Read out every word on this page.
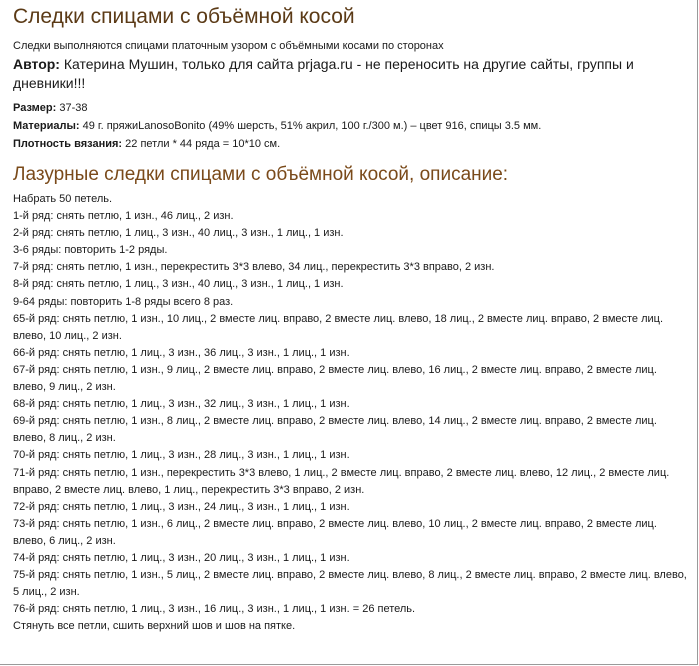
Следки спицами с объёмной косой
Следки выполняются спицами платочным узором с объёмными косами по сторонах
Автор: Катерина Мушин, только для сайта prjaga.ru - не переносить на другие сайты, группы и дневники!!!
Размер: 37-38
Материалы: 49 г. пряжиLanosoBonito (49% шерсть, 51% акрил, 100 г./300 м.) – цвет 916, спицы 3.5 мм.
Плотность вязания: 22 петли * 44 ряда = 10*10 см.
Лазурные следки спицами с объёмной косой, описание:
Набрать 50 петель.
1-й ряд: снять петлю, 1 изн., 46 лиц., 2 изн.
2-й ряд: снять петлю, 1 лиц., 3 изн., 40 лиц., 3 изн., 1 лиц., 1 изн.
3-6 ряды: повторить 1-2 ряды.
7-й ряд: снять петлю, 1 изн., перекрестить 3*3 влево, 34 лиц., перекрестить 3*3 вправо, 2 изн.
8-й ряд: снять петлю, 1 лиц., 3 изн., 40 лиц., 3 изн., 1 лиц., 1 изн.
9-64 ряды: повторить 1-8 ряды всего 8 раз.
65-й ряд: снять петлю, 1 изн., 10 лиц., 2 вместе лиц. вправо, 2 вместе лиц. влево, 18 лиц., 2 вместе лиц. вправо, 2 вместе лиц. влево, 10 лиц., 2 изн.
66-й ряд: снять петлю, 1 лиц., 3 изн., 36 лиц., 3 изн., 1 лиц., 1 изн.
67-й ряд: снять петлю, 1 изн., 9 лиц., 2 вместе лиц. вправо, 2 вместе лиц. влево, 16 лиц., 2 вместе лиц. вправо, 2 вместе лиц. влево, 9 лиц., 2 изн.
68-й ряд: снять петлю, 1 лиц., 3 изн., 32 лиц., 3 изн., 1 лиц., 1 изн.
69-й ряд: снять петлю, 1 изн., 8 лиц., 2 вместе лиц. вправо, 2 вместе лиц. влево, 14 лиц., 2 вместе лиц. вправо, 2 вместе лиц. влево, 8 лиц., 2 изн.
70-й ряд: снять петлю, 1 лиц., 3 изн., 28 лиц., 3 изн., 1 лиц., 1 изн.
71-й ряд: снять петлю, 1 изн., перекрестить 3*3 влево, 1 лиц., 2 вместе лиц. вправо, 2 вместе лиц. влево, 12 лиц., 2 вместе лиц. вправо, 2 вместе лиц. влево, 1 лиц., перекрестить 3*3 вправо, 2 изн.
72-й ряд: снять петлю, 1 лиц., 3 изн., 24 лиц., 3 изн., 1 лиц., 1 изн.
73-й ряд: снять петлю, 1 изн., 6 лиц., 2 вместе лиц. вправо, 2 вместе лиц. влево, 10 лиц., 2 вместе лиц. вправо, 2 вместе лиц. влево, 6 лиц., 2 изн.
74-й ряд: снять петлю, 1 лиц., 3 изн., 20 лиц., 3 изн., 1 лиц., 1 изн.
75-й ряд: снять петлю, 1 изн., 5 лиц., 2 вместе лиц. вправо, 2 вместе лиц. влево, 8 лиц., 2 вместе лиц. вправо, 2 вместе лиц. влево, 5 лиц., 2 изн.
76-й ряд: снять петлю, 1 лиц., 3 изн., 16 лиц., 3 изн., 1 лиц., 1 изн. = 26 петель.
Стянуть все петли, сшить верхний шов и шов на пятке.
